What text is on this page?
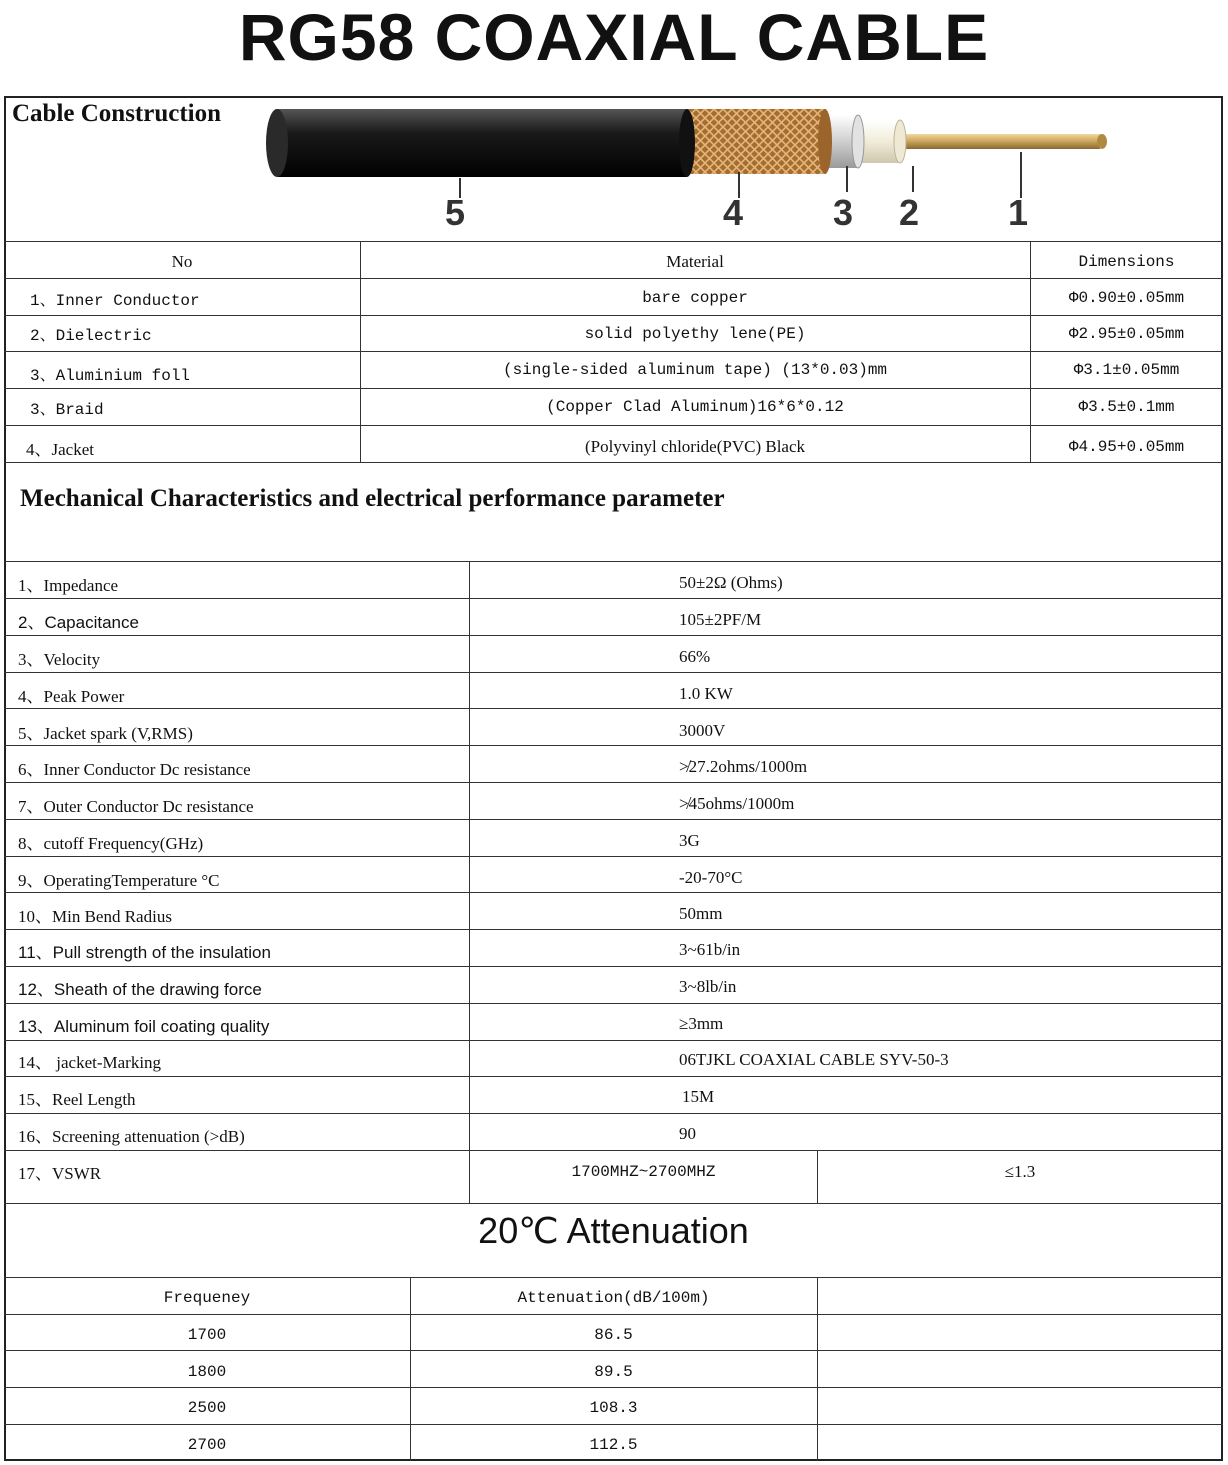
RG58 COAXIAL CABLE
Cable Construction
5	4 3 2 1
No	Material	Dimensions
1、Inner Conductor	bare copper	Φ0.90±0.05mm
2、Dielectric	solid polyethy lene(PE)	Φ2.95±0.05mm
3、Aluminium foll	(single-sided aluminum tape) (13*0.03)mm	Φ3.1±0.05mm
3、Braid	(Copper Clad Aluminum)16*6*0.12	Φ3.5±0.1mm
4、Jacket	(Polyvinyl chloride(PVC) Black	Φ4.95+0.05mm
Mechanical Characteristics and electrical performance parameter
1、Impedance	50±2Ω (Ohms)
2、Capacitance	105±2PF/M
3、Velocity	66%
4、Peak Power	1.0 KW
5、Jacket spark (V,RMS)	3000V
6、Inner Conductor Dc resistance	≯27.2ohms/1000m
7、Outer Conductor Dc resistance	≯45ohms/1000m
8、cutoff Frequency(GHz)	3G
9、OperatingTemperature °C	-20-70°C
10、Min Bend Radius	50mm
11、Pull strength of the insulation	3~61b/in
12、Sheath of the drawing force	3~8lb/in
13、Aluminum foil coating quality	≥3mm
14、 jacket-Marking	06TJKL COAXIAL CABLE SYV-50-3
15、Reel Length	15M
16、Screening attenuation (>dB)	90
17、VSWR	1700MHZ~2700MHZ	≤1.3
20℃ Attenuation
Frequeney	Attenuation(dB/100m)
1700	86.5
1800	89.5
2500	108.3
2700	112.5
